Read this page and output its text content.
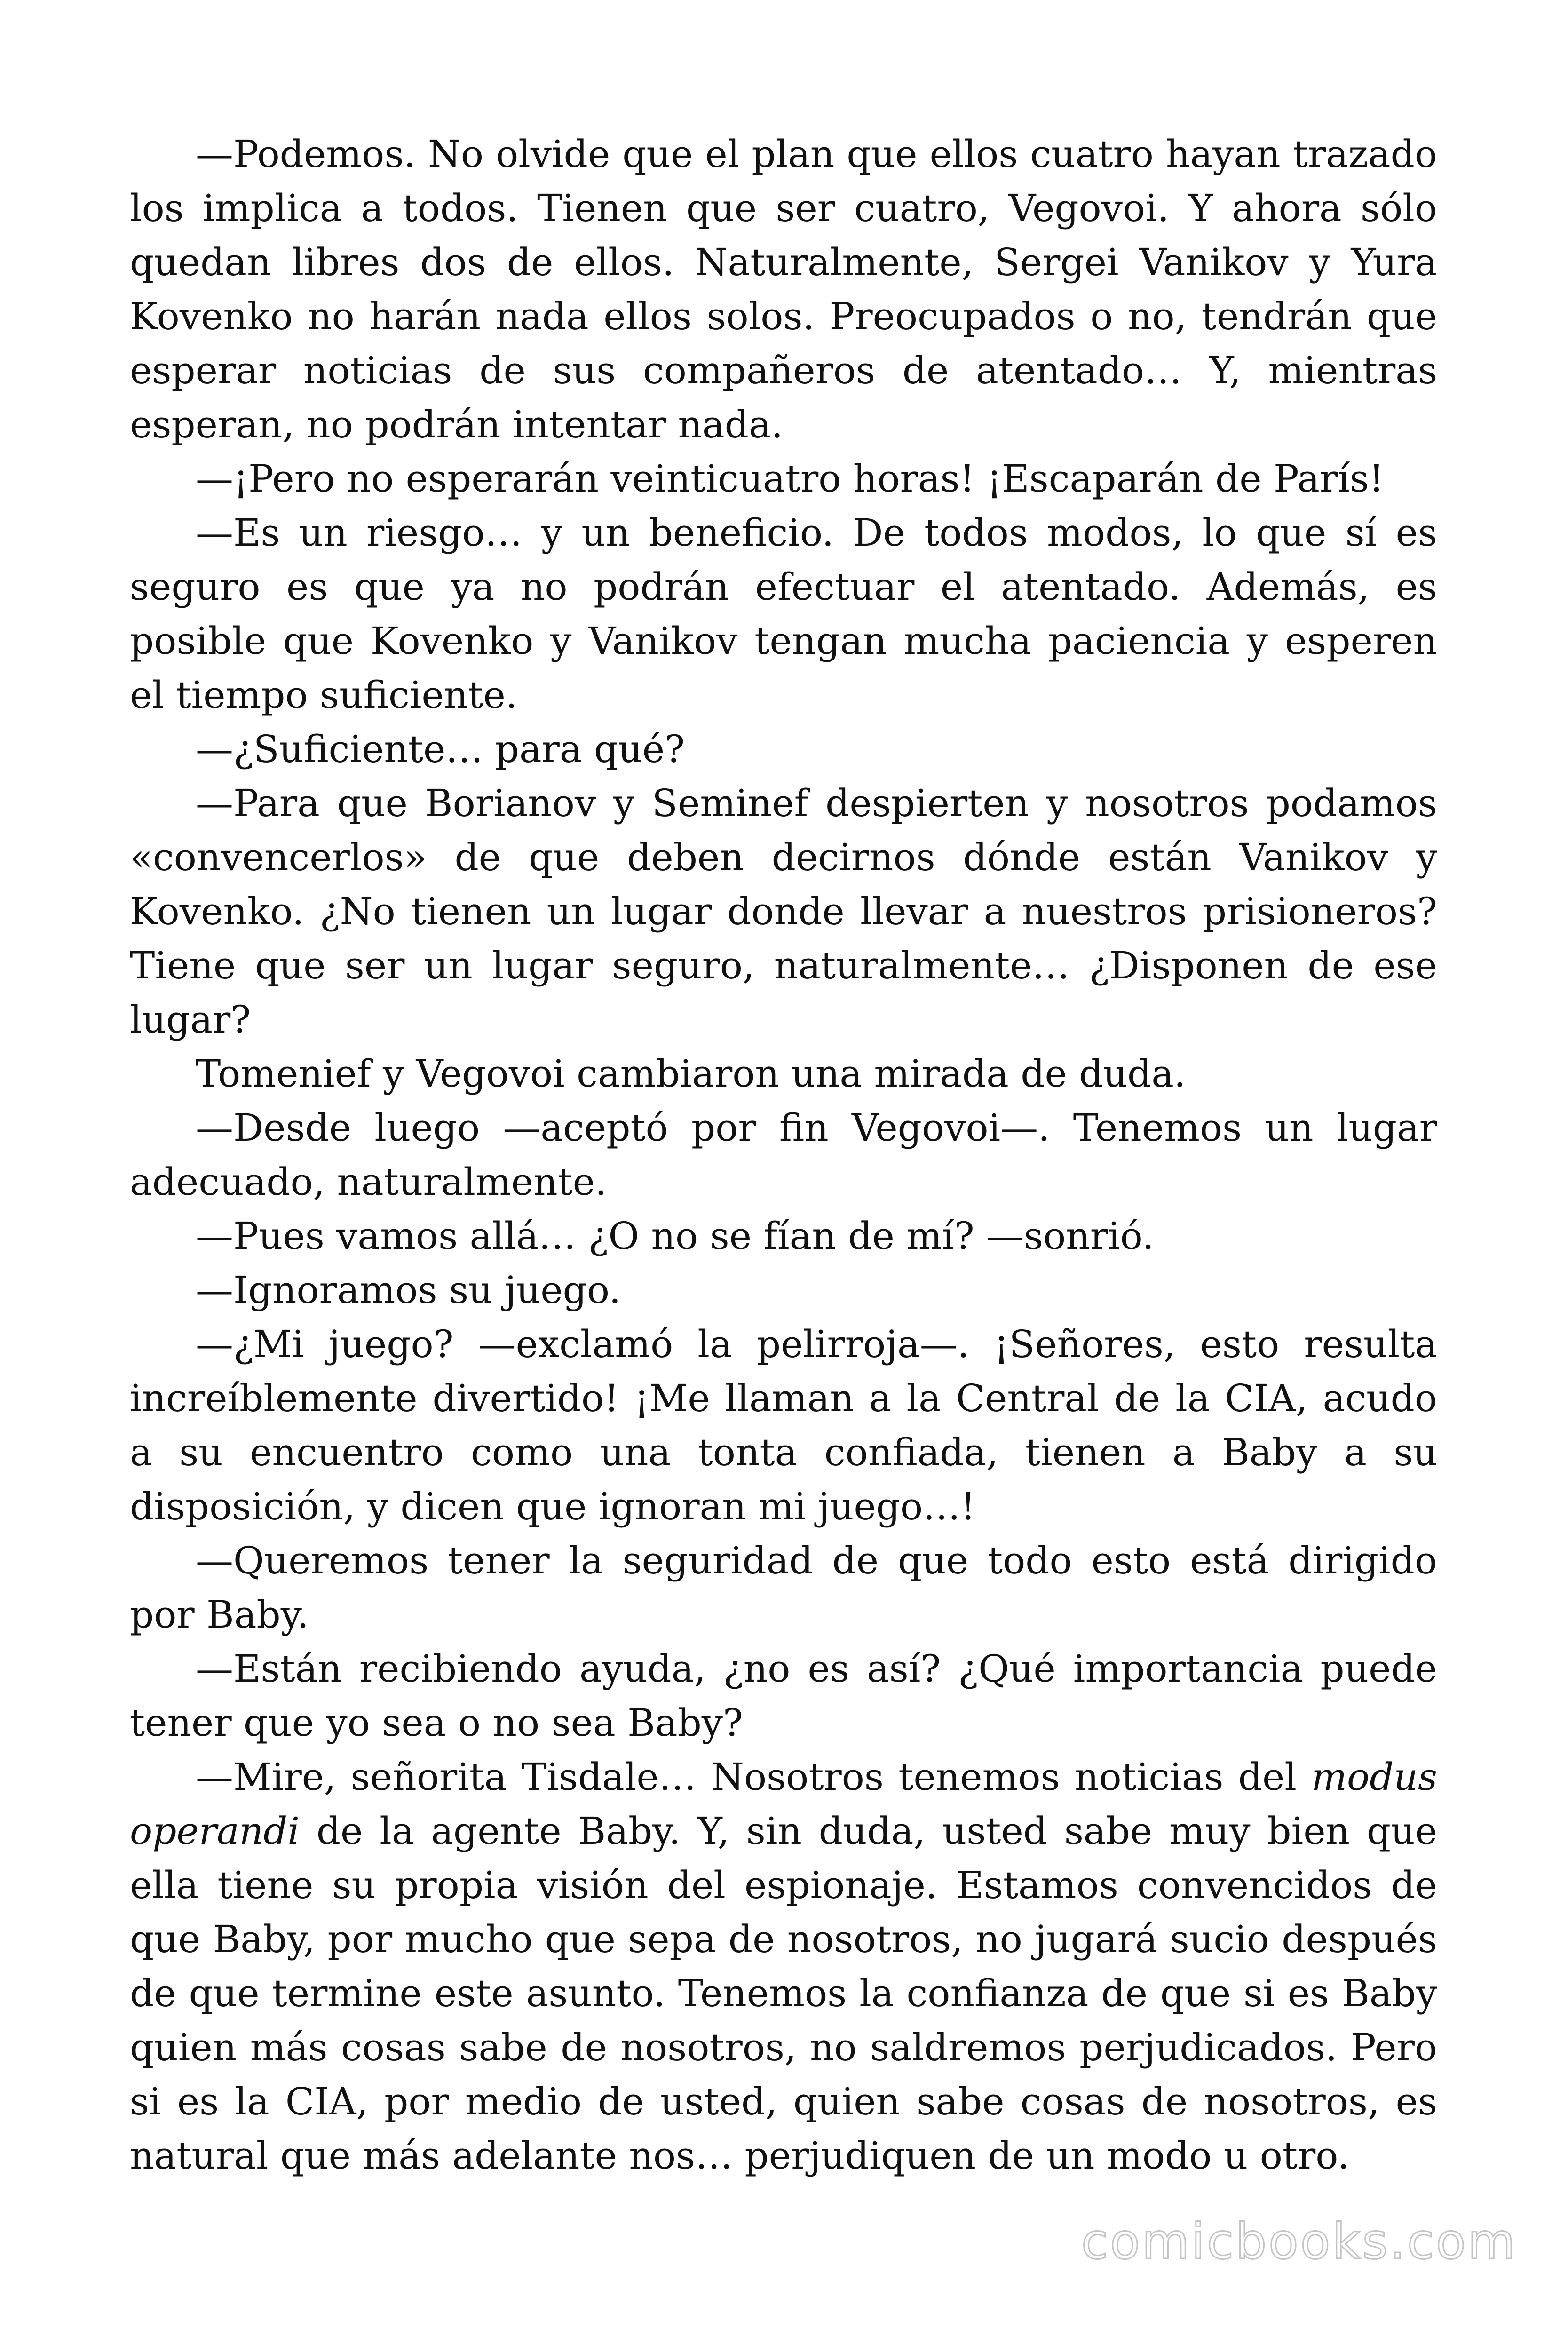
—Podemos. No olvide que el plan que ellos cuatro hayan trazado los implica a todos. Tienen que ser cuatro, Vegovoi. Y ahora sólo quedan libres dos de ellos. Naturalmente, Sergei Vanikov y Yura Kovenko no harán nada ellos solos. Preocupados o no, tendrán que esperar noticias de sus compañeros de atentado… Y, mientras esperan, no podrán intentar nada.

—¡Pero no esperarán veinticuatro horas! ¡Escaparán de París!

—Es un riesgo… y un beneficio. De todos modos, lo que sí es seguro es que ya no podrán efectuar el atentado. Además, es posible que Kovenko y Vanikov tengan mucha paciencia y esperen el tiempo suficiente.

—¿Suficiente… para qué?

—Para que Borianov y Seminef despierten y nosotros podamos «convencerlos» de que deben decirnos dónde están Vanikov y Kovenko. ¿No tienen un lugar donde llevar a nuestros prisioneros? Tiene que ser un lugar seguro, naturalmente… ¿Disponen de ese lugar?

Tomenief y Vegovoi cambiaron una mirada de duda.

—Desde luego —aceptó por fin Vegovoi—. Tenemos un lugar adecuado, naturalmente.

—Pues vamos allá… ¿O no se fían de mí? —sonrió.

—Ignoramos su juego.

—¿Mi juego? —exclamó la pelirroja—. ¡Señores, esto resulta increíblemente divertido! ¡Me llaman a la Central de la CIA, acudo a su encuentro como una tonta confiada, tienen a Baby a su disposición, y dicen que ignoran mi juego…!

—Queremos tener la seguridad de que todo esto está dirigido por Baby.

—Están recibiendo ayuda, ¿no es así? ¿Qué importancia puede tener que yo sea o no sea Baby?

—Mire, señorita Tisdale… Nosotros tenemos noticias del modus operandi de la agente Baby. Y, sin duda, usted sabe muy bien que ella tiene su propia visión del espionaje. Estamos convencidos de que Baby, por mucho que sepa de nosotros, no jugará sucio después de que termine este asunto. Tenemos la confianza de que si es Baby quien más cosas sabe de nosotros, no saldremos perjudicados. Pero si es la CIA, por medio de usted, quien sabe cosas de nosotros, es natural que más adelante nos… perjudiquen de un modo u otro.

comicbooks.com
